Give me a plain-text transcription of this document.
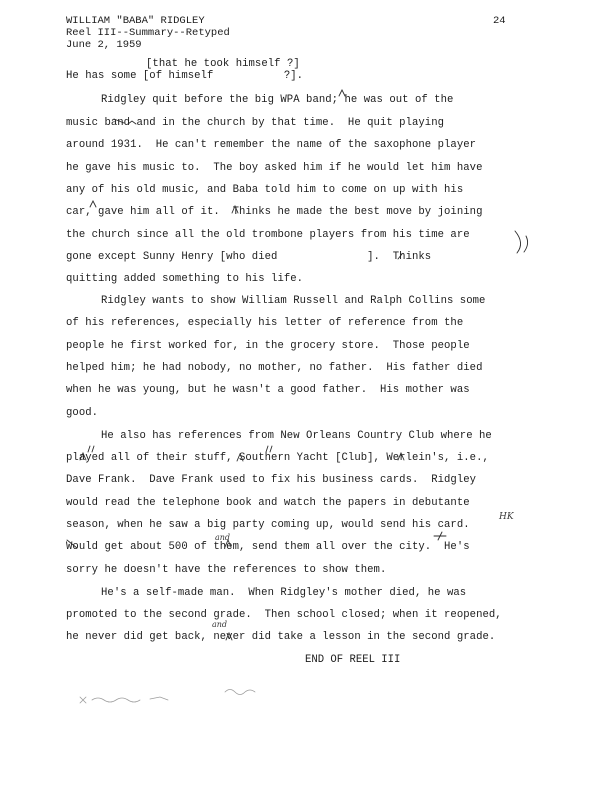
WILLIAM "BABA" RIDGLEY
Reel III--Summary--Retyped
June 2, 1959
24
[that he took himself ?]
He has some [of himself           ?].
Ridgley quit before the big WPA band; he was out of the
music band and in the church by that time.  He quit playing
around 1931.  He can't remember the name of the saxophone player
he gave his music to.  The boy asked him if he would let him have
any of his old music, and Baba told him to come on up with his
car, gave him all of it.  Thinks he made the best move by joining
the church since all the old trombone players from his time are
gone except Sunny Henry [who died              ].  Thinks
quitting added something to his life.
Ridgley wants to show William Russell and Ralph Collins some
of his references, especially his letter of reference from the
people he first worked for, in the grocery store.  Those people
helped him; he had nobody, no mother, no father.  His father died
when he was young, but he wasn't a good father.  His mother was
good.
He also has references from New Orleans Country Club where he
played all of their stuff, Southern Yacht [Club], Werlein's, i.e.,
Dave Frank.  Dave Frank used to fix his business cards.  Ridgley
would read the telephone book and watch the papers in debutante
season, when he saw a big party coming up, would send his card.
Would get about 500 of them, send them all over the city.  He's
sorry he doesn't have the references to show them.
He's a self-made man.  When Ridgley's mother died, he was
promoted to the second grade.  Then school closed; when it reopened,
he never did get back, never did take a lesson in the second grade.
END OF REEL III
and
and
HK
